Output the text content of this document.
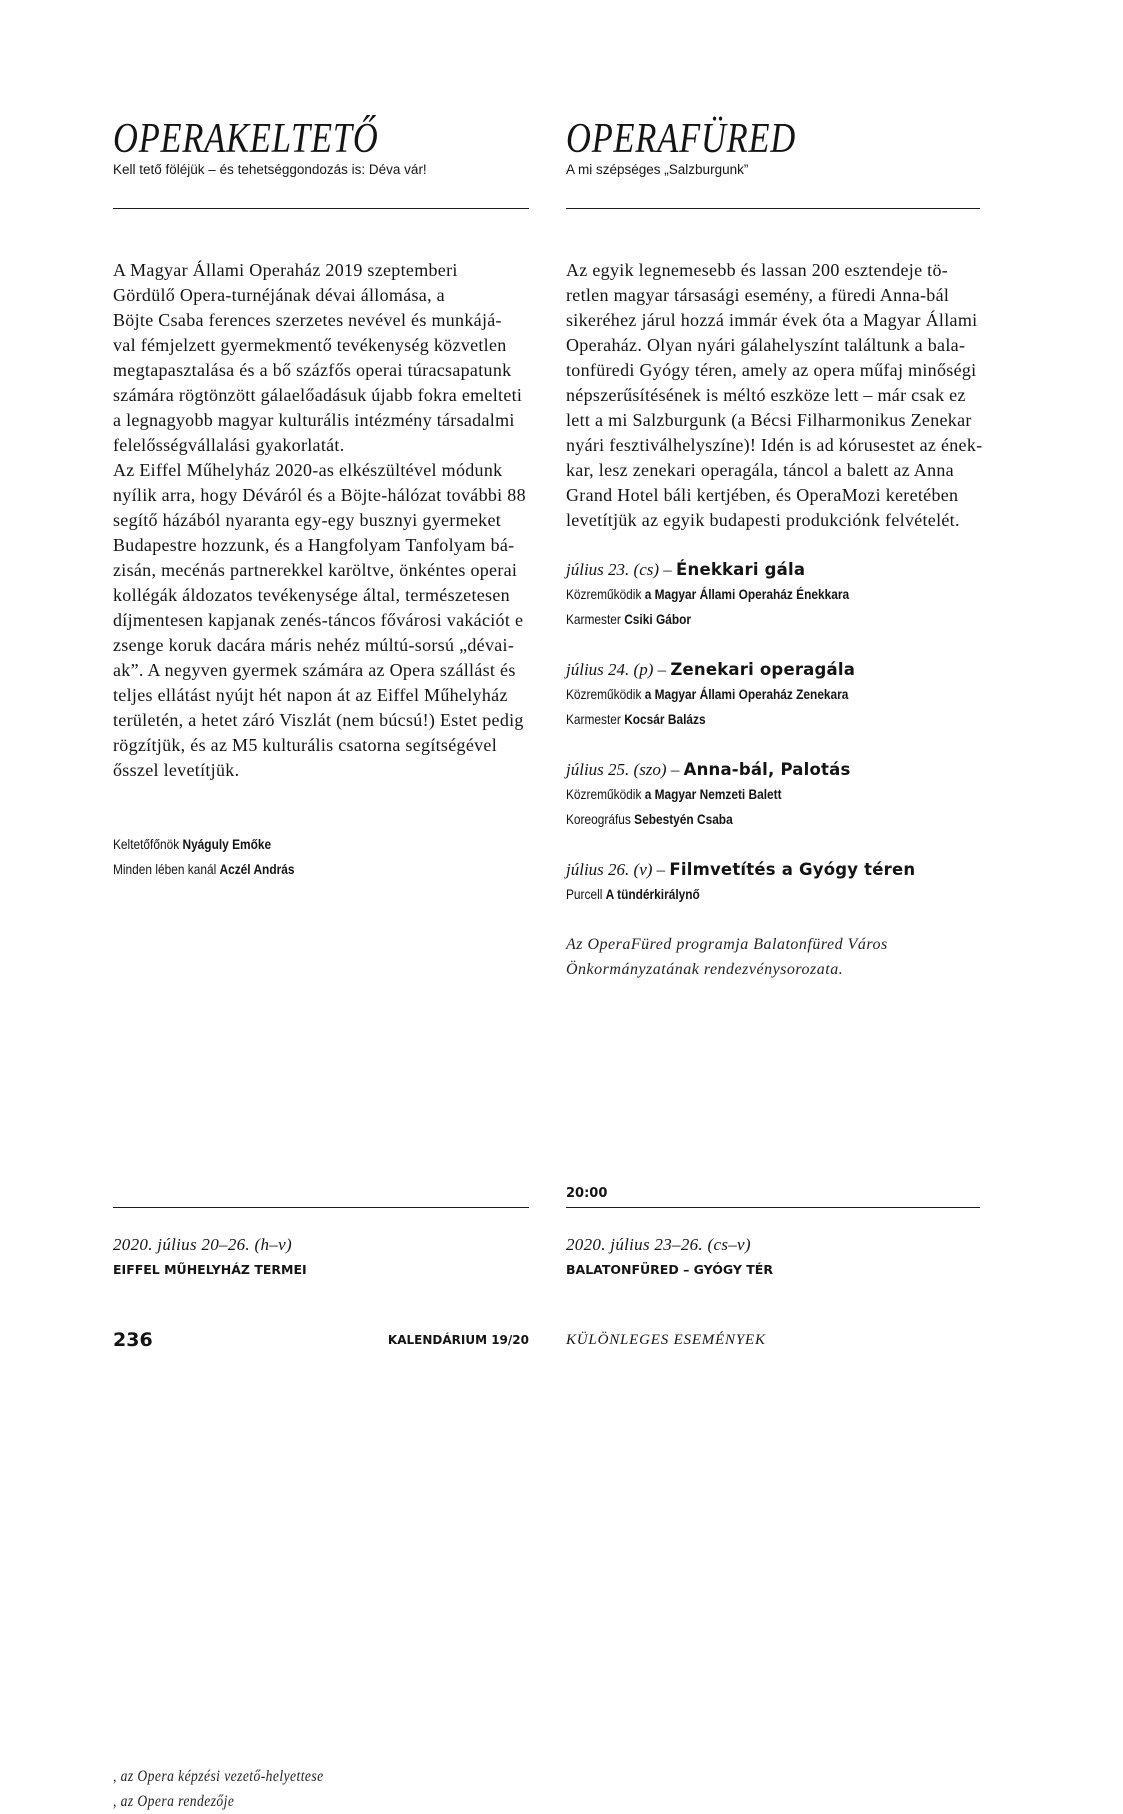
OPERAKELTETŐ
Kell tető föléjük – és tehetséggondozás is: Déva vár!
A Magyar Állami Operaház 2019 szeptemberi
Gördülő Opera-turnéjának dévai állomása, a
Böjte Csaba ferences szerzetes nevével és munkájá-
val fémjelzett gyermekmentő tevékenység közvetlen
megtapasztalása és a bő százfős operai túracsapatunk
számára rögtönzött gálaelőadásuk újabb fokra emelteti
a legnagyobb magyar kulturális intézmény társadalmi
felelősségvállalási gyakorlatát.
Az Eiffel Műhelyház 2020-as elkészültével módunk
nyílik arra, hogy Déváról és a Böjte-hálózat további 88
segítő házából nyaranta egy-egy busznyi gyermeket
Budapestre hozzunk, és a Hangfolyam Tanfolyam bá-
zisán, mecénás partnerekkel karöltve, önkéntes operai
kollégák áldozatos tevékenysége által, természetesen
díjmentesen kapjanak zenés-táncos fővárosi vakációt e
zsenge koruk dacára máris nehéz múltú-sorsú „dévai-
ak”. A negyven gyermek számára az Opera szállást és
teljes ellátást nyújt hét napon át az Eiffel Műhelyház
területén, a hetet záró Viszlát (nem búcsú!) Estet pedig
rögzítjük, és az M5 kulturális csatorna segítségével
ősszel levetítjük.
Keltetőfőnök Nyáguly Emőke
, az Opera képzési vezető-helyettese
Minden lében kanál Aczél András
, az Opera rendezője
2020. július 20–26. (h–v)
EIFFEL MŰHELYHÁZ TERMEI
OPERAFÜRED
A mi szépséges „Salzburgunk”
Az egyik legnemesebb és lassan 200 esztendeje tö-
retlen magyar társasági esemény, a füredi Anna-bál
sikeréhez járul hozzá immár évek óta a Magyar Állami
Operaház. Olyan nyári gálahelyszínt találtunk a bala-
tonfüredi Gyógy téren, amely az opera műfaj minőségi
népszerűsítésének is méltó eszköze lett – már csak ez
lett a mi Salzburgunk (a Bécsi Filharmonikus Zenekar
nyári fesztiválhelyszíne)! Idén is ad kórusestet az ének-
kar, lesz zenekari operagála, táncol a balett az Anna
Grand Hotel báli kertjében, és OperaMozi keretében
levetítjük az egyik budapesti produkciónk felvételét.
július 23. (cs) – Énekkari gála
Közreműködik a Magyar Állami Operaház Énekkara
Karmester Csiki Gábor
július 24. (p) – Zenekari operagála
Közreműködik a Magyar Állami Operaház Zenekara
Karmester Kocsár Balázs
július 25. (szo) – Anna-bál, Palotás
Közreműködik a Magyar Nemzeti Balett
Koreográfus Sebestyén Csaba
július 26. (v) – Filmvetítés a Gyógy téren
Purcell A tündérkirálynő
Az OperaFüred programja Balatonfüred Város
Önkormányzatának rendezvénysorozata.
20:00
2020. július 23–26. (cs–v)
BALATONFÜRED – GYÓGY TÉR
236	KALENDÁRIUM 19/20 KÜLÖNLEGES ESEMÉNYEK
